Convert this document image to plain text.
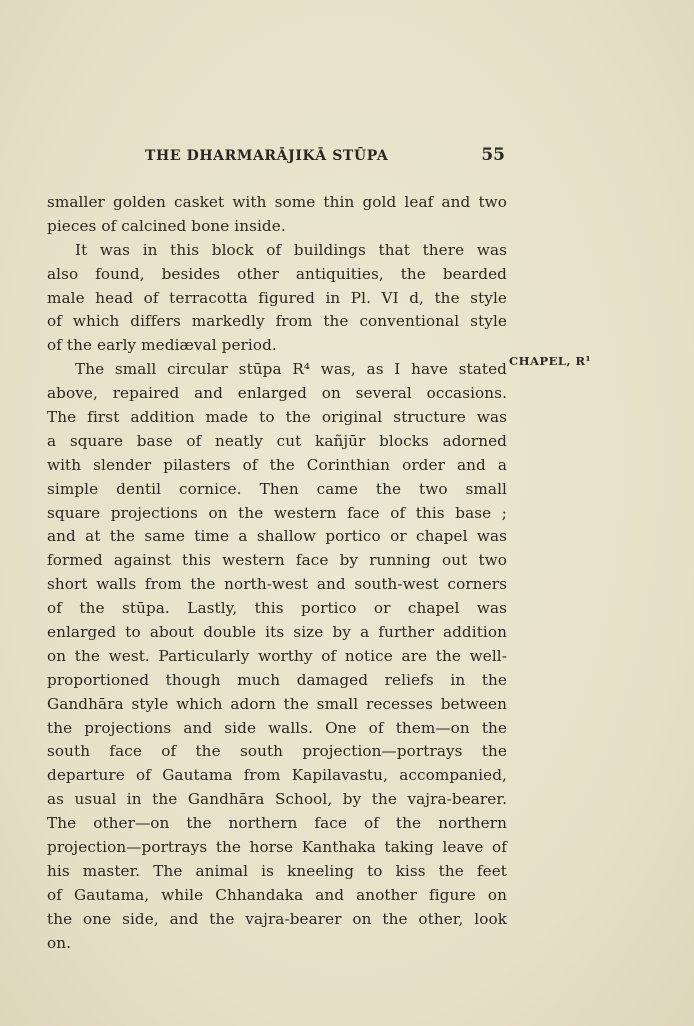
THE DHARMARĀJIKĀ STŪPA	55
smaller golden casket with some thin gold leaf and two
pieces of calcined bone inside.
It was in this block of buildings that there was
also found, besides other antiquities, the bearded
male head of terracotta figured in Pl. VI d, the style
of which differs markedly from the conventional style
of the early mediæval period.
The small circular stūpa R⁴ was, as I have stated
above, repaired and enlarged on several occasions.
The first addition made to the original structure was
a square base of neatly cut kañjūr blocks adorned
with slender pilasters of the Corinthian order and a
simple dentil cornice. Then came the two small
square projections on the western face of this base ;
and at the same time a shallow portico or chapel was
formed against this western face by running out two
short walls from the north-west and south-west corners
of the stūpa. Lastly, this portico or chapel was
enlarged to about double its size by a further addition
on the west. Particularly worthy of notice are the well-
proportioned though much damaged reliefs in the
Gandhāra style which adorn the small recesses between
the projections and side walls. One of them—on the
south face of the south projection—portrays the
departure of Gautama from Kapilavastu, accompanied,
as usual in the Gandhāra School, by the vajra-bearer.
The other—on the northern face of the northern
projection—portrays the horse Kanthaka taking leave of
his master. The animal is kneeling to kiss the feet
of Gautama, while Chhandaka and another figure on
the one side, and the vajra-bearer on the other, look
on.
CHAPEL, R¹
